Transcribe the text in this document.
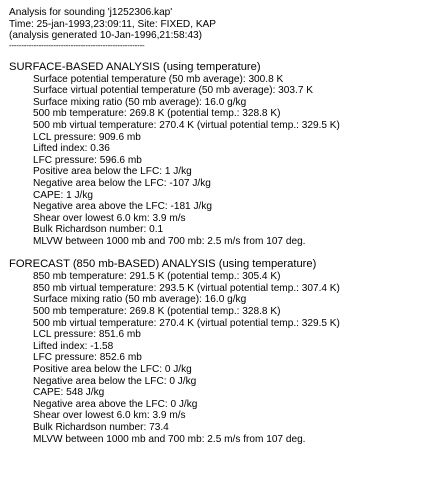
Analysis for sounding 'j1252306.kap'
Time: 25-jan-1993,23:09:11, Site: FIXED, KAP
(analysis generated 10-Jan-1996,21:58:43)
-------------------------------------------------------
SURFACE-BASED ANALYSIS (using temperature)
Surface potential temperature (50 mb average): 300.8 K
Surface virtual potential temperature (50 mb average): 303.7 K
Surface mixing ratio (50 mb average): 16.0 g/kg
500 mb temperature: 269.8 K (potential temp.: 328.8 K)
500 mb virtual temperature: 270.4 K (virtual potential temp.: 329.5 K)
LCL pressure: 909.6 mb
Lifted index: 0.36
LFC pressure: 596.6 mb
Positive area below the LFC: 1 J/kg
Negative area below the LFC: -107 J/kg
CAPE: 1 J/kg
Negative area above the LFC: -181 J/kg
Shear over lowest 6.0 km: 3.9 m/s
Bulk Richardson number: 0.1
MLVW between 1000 mb and 700 mb: 2.5 m/s from 107 deg.
FORECAST (850 mb-BASED) ANALYSIS (using temperature)
850 mb temperature: 291.5 K (potential temp.: 305.4 K)
850 mb virtual temperature: 293.5 K (virtual potential temp.: 307.4 K)
Surface mixing ratio (50 mb average): 16.0 g/kg
500 mb temperature: 269.8 K (potential temp.: 328.8 K)
500 mb virtual temperature: 270.4 K (virtual potential temp.: 329.5 K)
LCL pressure: 851.6 mb
Lifted index: -1.58
LFC pressure: 852.6 mb
Positive area below the LFC: 0 J/kg
Negative area below the LFC: 0 J/kg
CAPE: 548 J/kg
Negative area above the LFC: 0 J/kg
Shear over lowest 6.0 km: 3.9 m/s
Bulk Richardson number: 73.4
MLVW between 1000 mb and 700 mb: 2.5 m/s from 107 deg.
